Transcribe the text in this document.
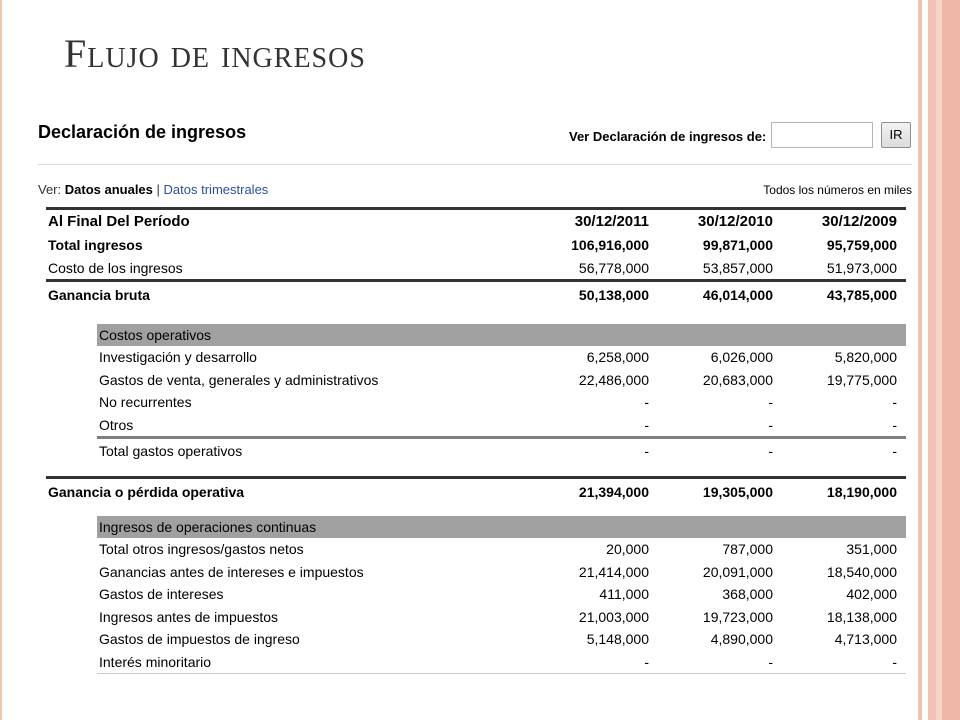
Flujo de ingresos
Declaración de ingresos	Ver Declaración de ingresos de:	IR
Ver: Datos anuales | Datos trimestrales	Todos los números en miles
Al Final Del Período	30/12/2011	30/12/2010	30/12/2009
Total ingresos	106,916,000	99,871,000	95,759,000
Costo de los ingresos	56,778,000	53,857,000	51,973,000
Ganancia bruta	50,138,000	46,014,000	43,785,000
Costos operativos
Investigación y desarrollo	6,258,000	6,026,000	5,820,000
Gastos de venta, generales y administrativos	22,486,000	20,683,000	19,775,000
No recurrentes	-	-	-
Otros	-	-	-
Total gastos operativos	-	-	-
Ganancia o pérdida operativa	21,394,000	19,305,000	18,190,000
Ingresos de operaciones continuas
Total otros ingresos/gastos netos	20,000	787,000	351,000
Ganancias antes de intereses e impuestos	21,414,000	20,091,000	18,540,000
Gastos de intereses	411,000	368,000	402,000
Ingresos antes de impuestos	21,003,000	19,723,000	18,138,000
Gastos de impuestos de ingreso	5,148,000	4,890,000	4,713,000
Interés minoritario	-	-	-
